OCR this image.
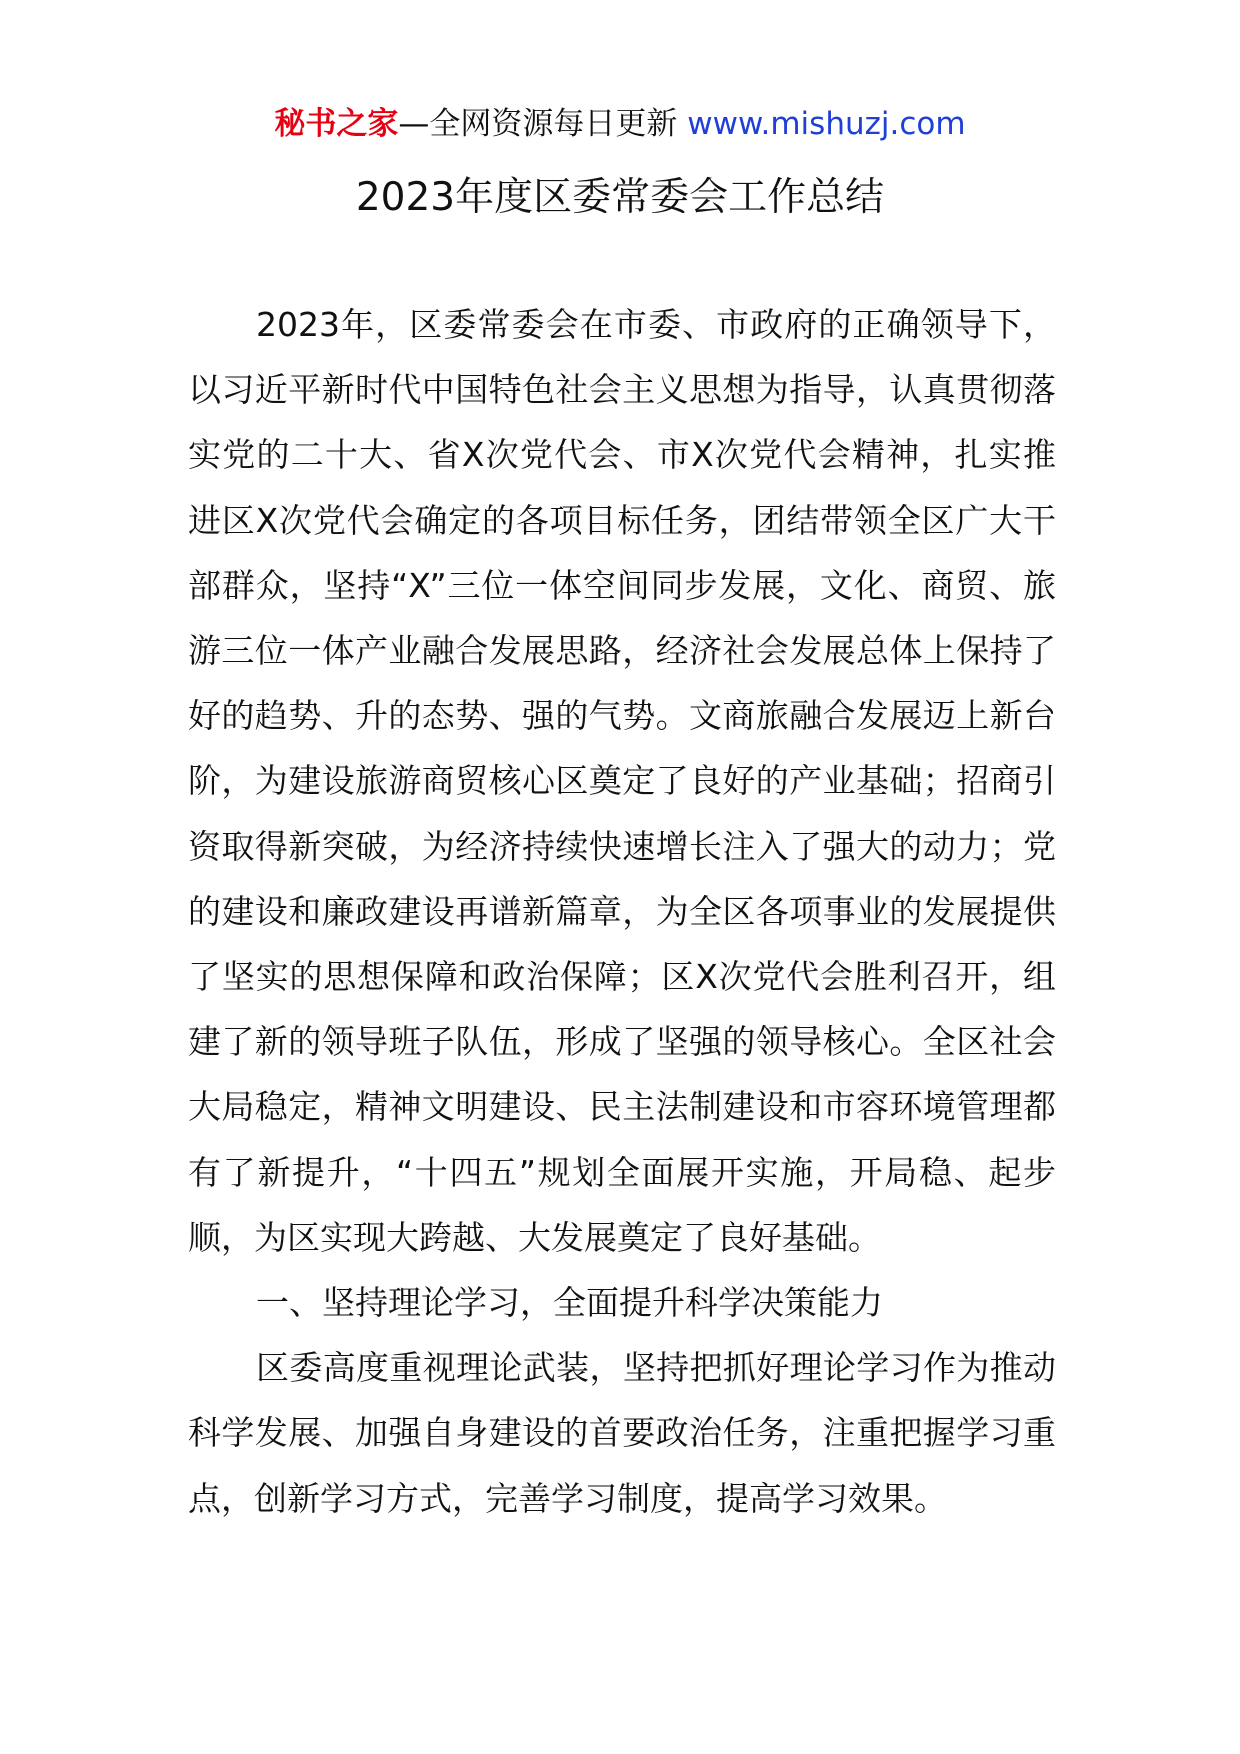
秘书之家—全网资源每日更新 www.mishuzj.com
2023年度区委常委会工作总结

2023年，区委常委会在市委、市政府的正确领导下，以习近平新时代中国特色社会主义思想为指导，认真贯彻落实党的二十大、省X次党代会、市X次党代会精神，扎实推进区X次党代会确定的各项目标任务，团结带领全区广大干部群众，坚持“X”三位一体空间同步发展，文化、商贸、旅游三位一体产业融合发展思路，经济社会发展总体上保持了好的趋势、升的态势、强的气势。文商旅融合发展迈上新台阶，为建设旅游商贸核心区奠定了良好的产业基础；招商引资取得新突破，为经济持续快速增长注入了强大的动力；党的建设和廉政建设再谱新篇章，为全区各项事业的发展提供了坚实的思想保障和政治保障；区X次党代会胜利召开，组建了新的领导班子队伍，形成了坚强的领导核心。全区社会大局稳定，精神文明建设、民主法制建设和市容环境管理都有了新提升，“十四五”规划全面展开实施，开局稳、起步顺，为区实现大跨越、大发展奠定了良好基础。

一、坚持理论学习，全面提升科学决策能力

区委高度重视理论武装，坚持把抓好理论学习作为推动科学发展、加强自身建设的首要政治任务，注重把握学习重点，创新学习方式，完善学习制度，提高学习效果。
